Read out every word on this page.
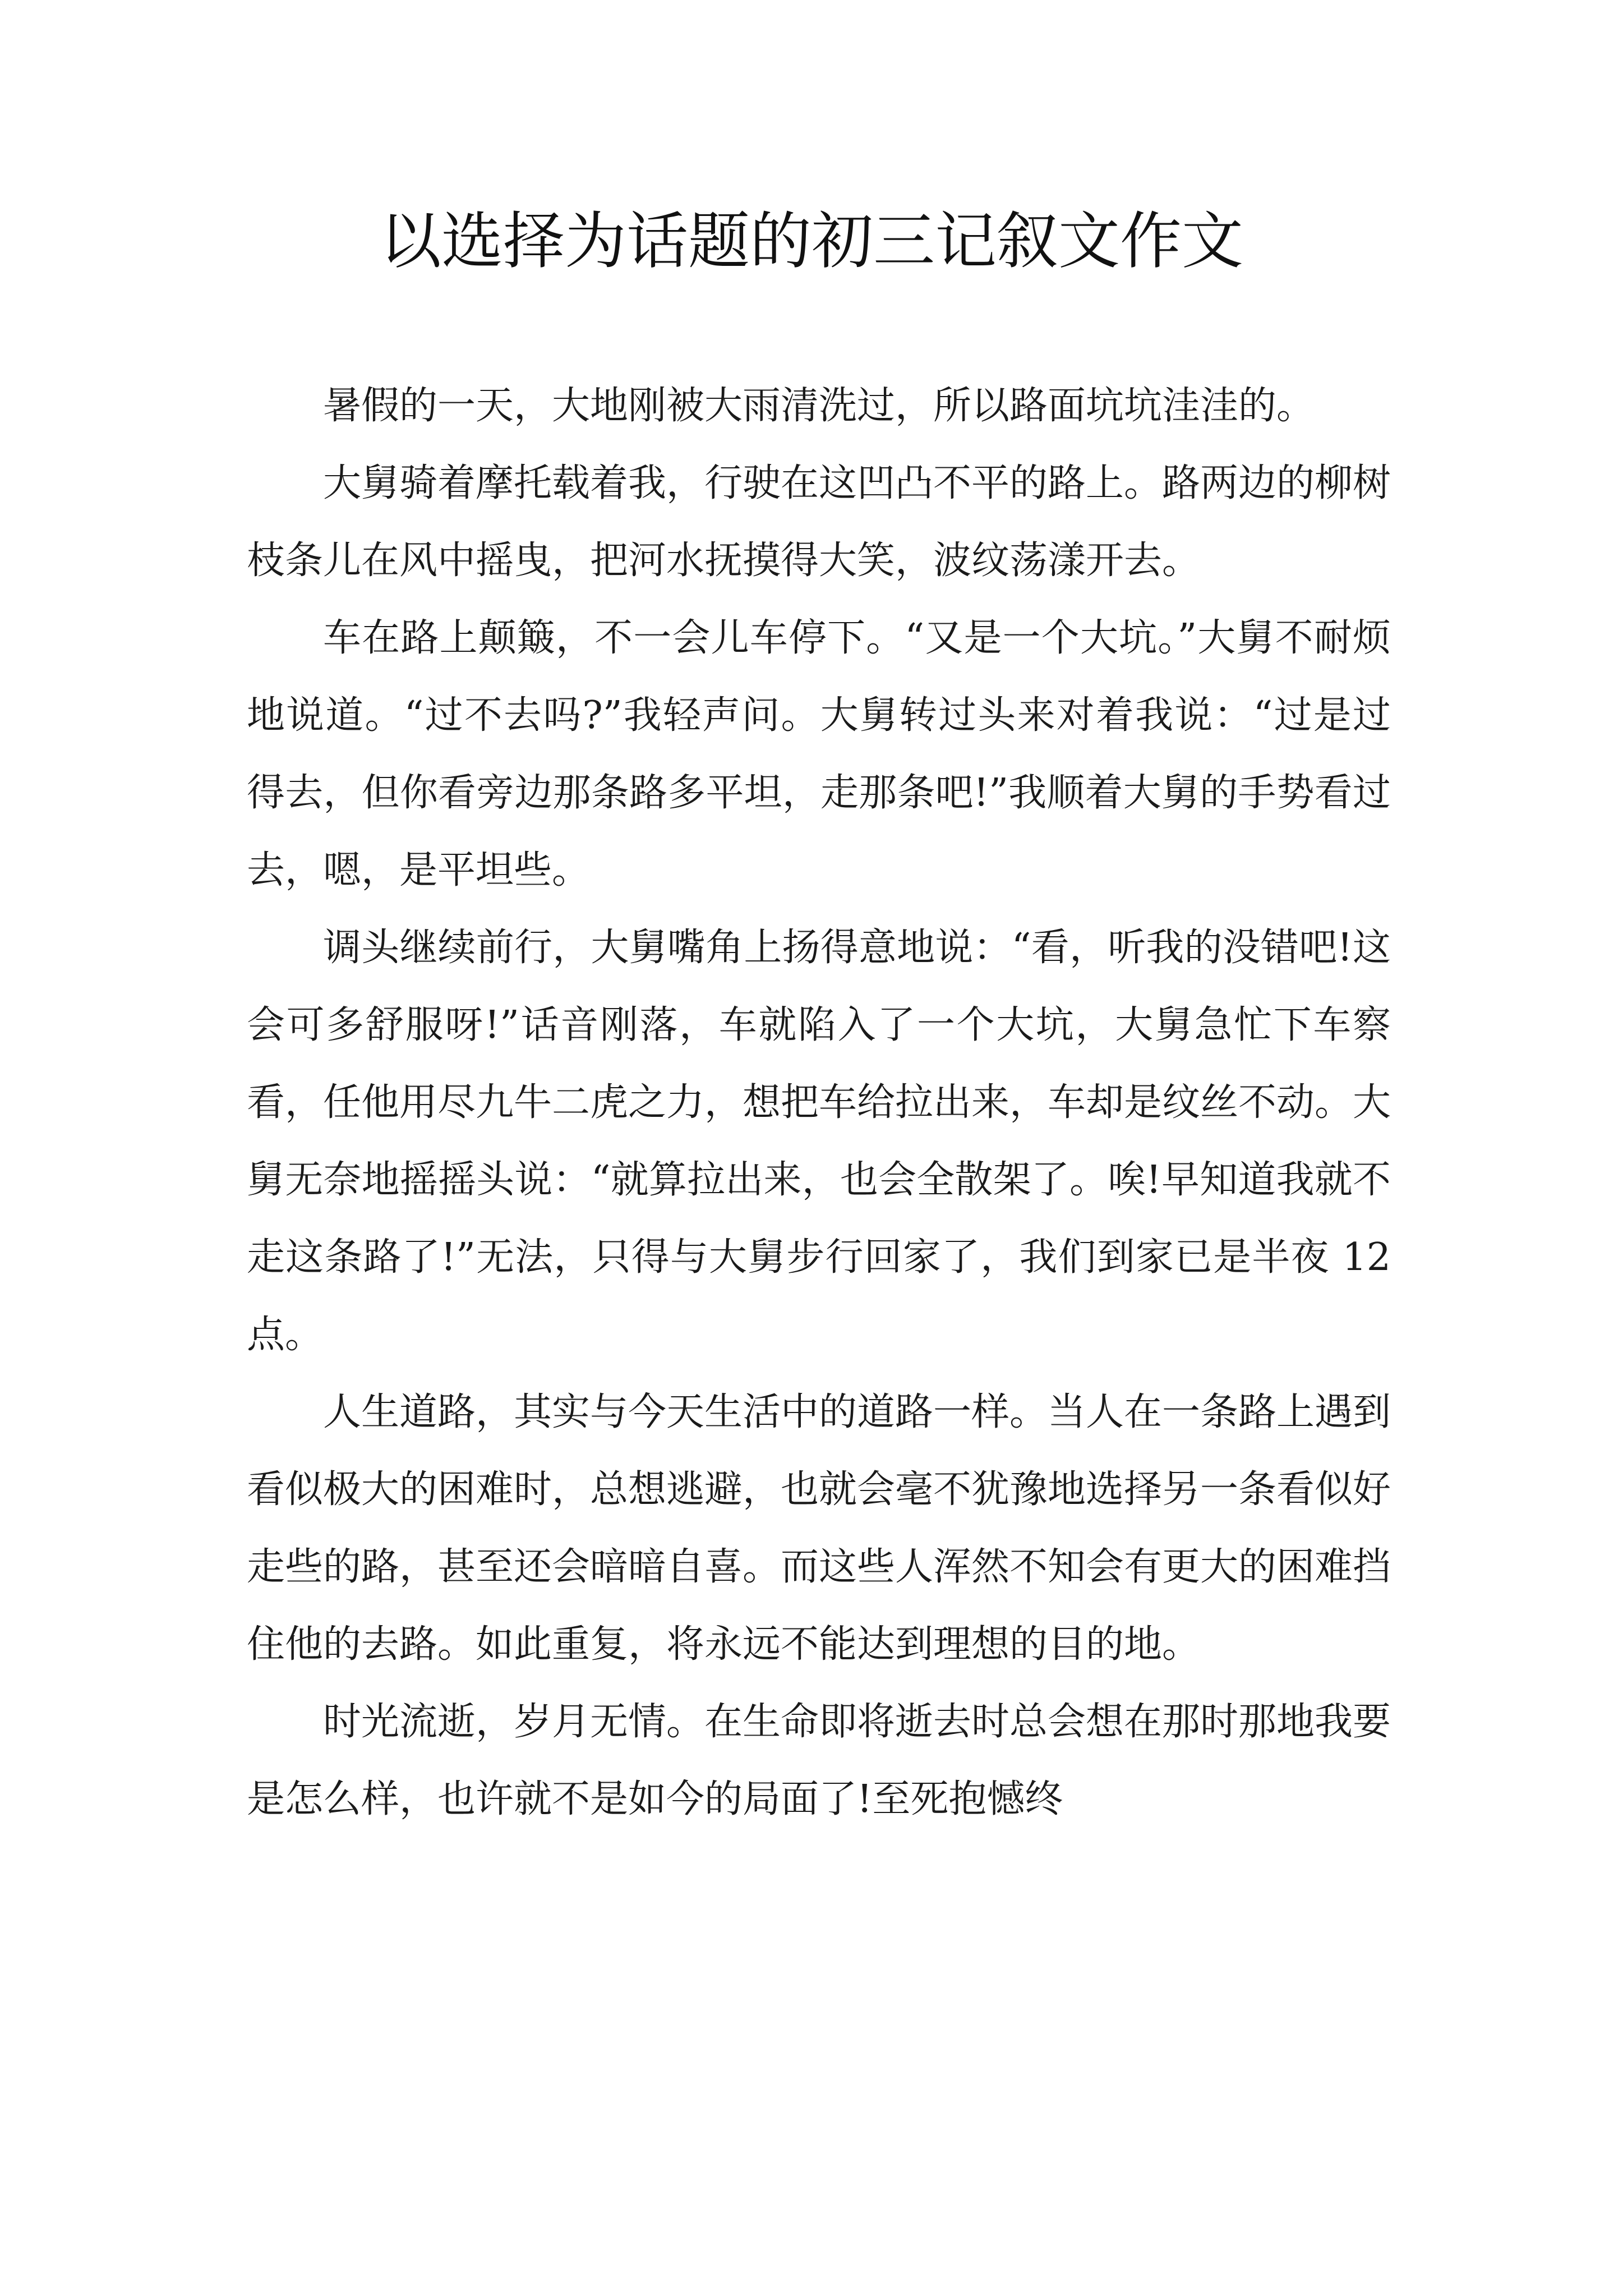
以选择为话题的初三记叙文作文

暑假的一天，大地刚被大雨清洗过，所以路面坑坑洼洼的。

大舅骑着摩托载着我，行驶在这凹凸不平的路上。路两边的柳树枝条儿在风中摇曳，把河水抚摸得大笑，波纹荡漾开去。

车在路上颠簸，不一会儿车停下。“又是一个大坑。”大舅不耐烦地说道。“过不去吗?”我轻声问。大舅转过头来对着我说：“过是过得去，但你看旁边那条路多平坦，走那条吧!”我顺着大舅的手势看过去，嗯，是平坦些。

调头继续前行，大舅嘴角上扬得意地说：“看，听我的没错吧!这会可多舒服呀!”话音刚落，车就陷入了一个大坑，大舅急忙下车察看，任他用尽九牛二虎之力，想把车给拉出来，车却是纹丝不动。大舅无奈地摇摇头说：“就算拉出来，也会全散架了。唉!早知道我就不走这条路了!”无法，只得与大舅步行回家了，我们到家已是半夜 12 点。

人生道路，其实与今天生活中的道路一样。当人在一条路上遇到看似极大的困难时，总想逃避，也就会毫不犹豫地选择另一条看似好走些的路，甚至还会暗暗自喜。而这些人浑然不知会有更大的困难挡住他的去路。如此重复，将永远不能达到理想的目的地。

时光流逝，岁月无情。在生命即将逝去时总会想在那时那地我要是怎么样，也许就不是如今的局面了!至死抱憾终
